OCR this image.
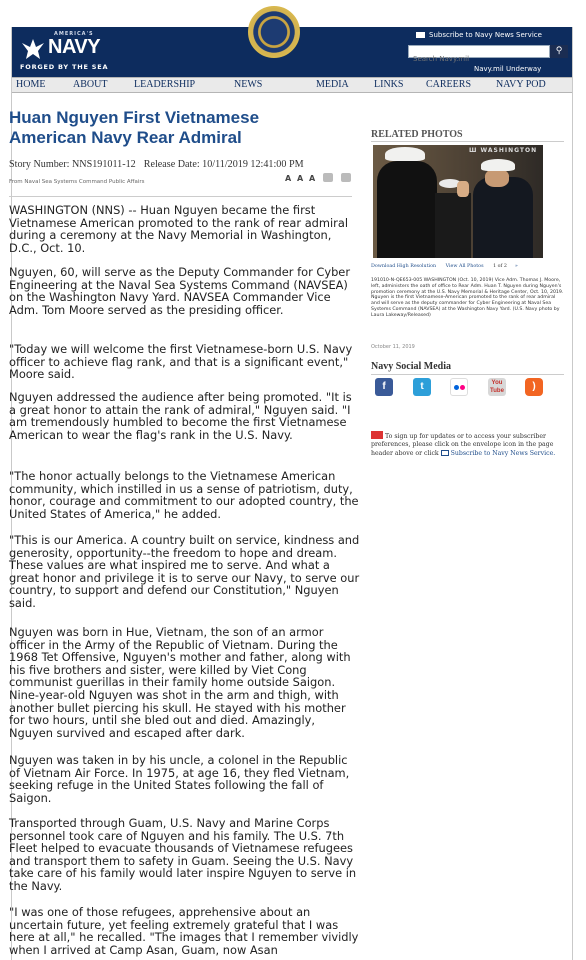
AMERICA'S
NAVY
FORGED BY THE SEA
Subscribe to Navy News Service
Search Navy.mil
⚲
Navy.mil Underway
HOME	ABOUT	LEADERSHIP	NEWS	MEDIA	LINKS CAREERS NAVY POD
Huan Nguyen First Vietnamese American Navy Rear Admiral
Story Number: NNS191011-12 Release Date: 10/11/2019 12:41:00 PM
From Naval Sea Systems Command Public Affairs	A A A

WASHINGTON (NNS) -- Huan Nguyen became the first Vietnamese American promoted to the rank of rear admiral during a ceremony at the Navy Memorial in Washington, D.C., Oct. 10.

Nguyen, 60, will serve as the Deputy Commander for Cyber Engineering at the Naval Sea Systems Command (NAVSEA) on the Washington Navy Yard. NAVSEA Commander Vice Adm. Tom Moore served as the presiding officer.

"Today we will welcome the first Vietnamese-born U.S. Navy officer to achieve flag rank, and that is a significant event," Moore said.

Nguyen addressed the audience after being promoted. "It is a great honor to attain the rank of admiral," Nguyen said. "I am tremendously humbled to become the first Vietnamese American to wear the flag's rank in the U.S. Navy.

"The honor actually belongs to the Vietnamese American community, which instilled in us a sense of patriotism, duty, honor, courage and commitment to our adopted country, the United States of America," he added.

"This is our America. A country built on service, kindness and generosity, opportunity--the freedom to hope and dream. These values are what inspired me to serve. And what a great honor and privilege it is to serve our Navy, to serve our country, to support and defend our Constitution," Nguyen said.

Nguyen was born in Hue, Vietnam, the son of an armor officer in the Army of the Republic of Vietnam. During the 1968 Tet Offensive, Nguyen's mother and father, along with his five brothers and sister, were killed by Viet Cong communist guerillas in their family home outside Saigon. Nine-year-old Nguyen was shot in the arm and thigh, with another bullet piercing his skull. He stayed with his mother for two hours, until she bled out and died. Amazingly, Nguyen survived and escaped after dark.

Nguyen was taken in by his uncle, a colonel in the Republic of Vietnam Air Force. In 1975, at age 16, they fled Vietnam, seeking refuge in the United States following the fall of Saigon.

Transported through Guam, U.S. Navy and Marine Corps personnel took care of Nguyen and his family. The U.S. 7th Fleet helped to evacuate thousands of Vietnamese refugees and transport them to safety in Guam. Seeing the U.S. Navy take care of his family would later inspire Nguyen to serve in the Navy.

"I was one of those refugees, apprehensive about an uncertain future, yet feeling extremely grateful that I was here at all," he recalled. "The images that I remember vividly when I arrived at Camp Asan, Guam, now Asan

RELATED PHOTOS
Ш WASHINGTON
Download High Resolution View All Photos 1 of 2 »
191010-N-QE653-005 WASHINGTON (Oct. 10, 2019) Vice Adm. Thomas J. Moore, left, administers the oath of office to Rear Adm. Huan T. Nguyen during Nguyen's promotion ceremony at the U.S. Navy Memorial & Heritage Center, Oct. 10, 2019. Nguyen is the first Vietnamese-American promoted to the rank of rear admiral and will serve as the deputy commander for Cyber Engineering at Naval Sea Systems Command (NAVSEA) at the Washington Navy Yard. (U.S. Navy photo by Laura Lakeway/Released)
October 11, 2019
Navy Social Media
f	t	You Tube	)
To sign up for updates or to access your subscriber preferences, please click on the envelope icon in the page header above or click Subscribe to Navy News Service.
